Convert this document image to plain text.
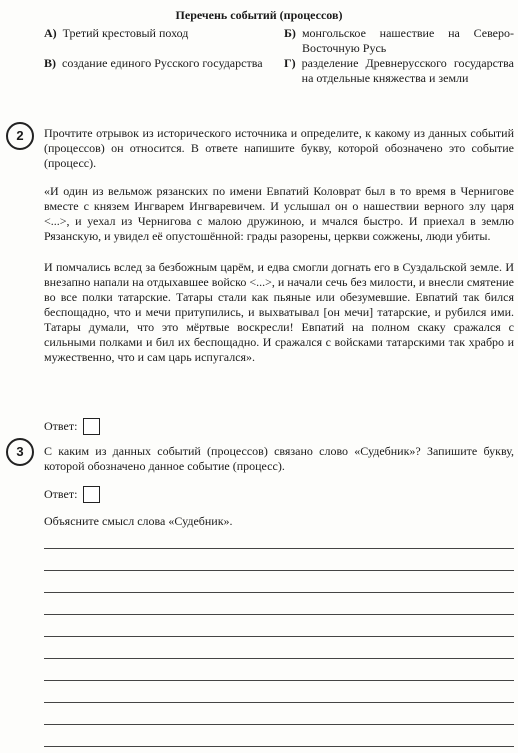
Перечень событий (процессов)
А) Третий крестовый поход	Б) монгольское нашествие на Северо-Восточную Русь
В) создание единого Русского государства Г) разделение Древнерусского государства на отдельные княжества и земли
2	Прочтите отрывок из исторического источника и определите, к какому из данных событий (процессов) он относится. В ответе напишите букву, которой обозначено это событие (процесс).
«И один из вельмож рязанских по имени Евпатий Коловрат был в то время в Чернигове вместе с князем Ингварем Ингваревичем. И услышал он о нашествии верного злу царя <...>, и уехал из Чернигова с малою дружиною, и мчался быстро. И приехал в землю Рязанскую, и увидел её опустошённой: грады разорены, церкви сожжены, люди убиты.
И помчались вслед за безбожным царём, и едва смогли догнать его в Суздальской земле. И внезапно напали на отдыхавшее войско <...>, и начали сечь без милости, и внесли смятение во все полки татарские. Татары стали как пьяные или обезумевшие. Евпатий так бился беспощадно, что и мечи притупились, и выхватывал [он мечи] татарские, и рубился ими. Татары думали, что это мёртвые воскресли! Евпатий на полном скаку сражался с сильными полками и бил их беспощадно. И сражался с войсками татарскими так храбро и мужественно, что и сам царь испугался».
Ответ:
3	С каким из данных событий (процессов) связано слово «Судебник»? Запишите букву, которой обозначено данное событие (процесс).
Ответ:
Объясните смысл слова «Судебник».
